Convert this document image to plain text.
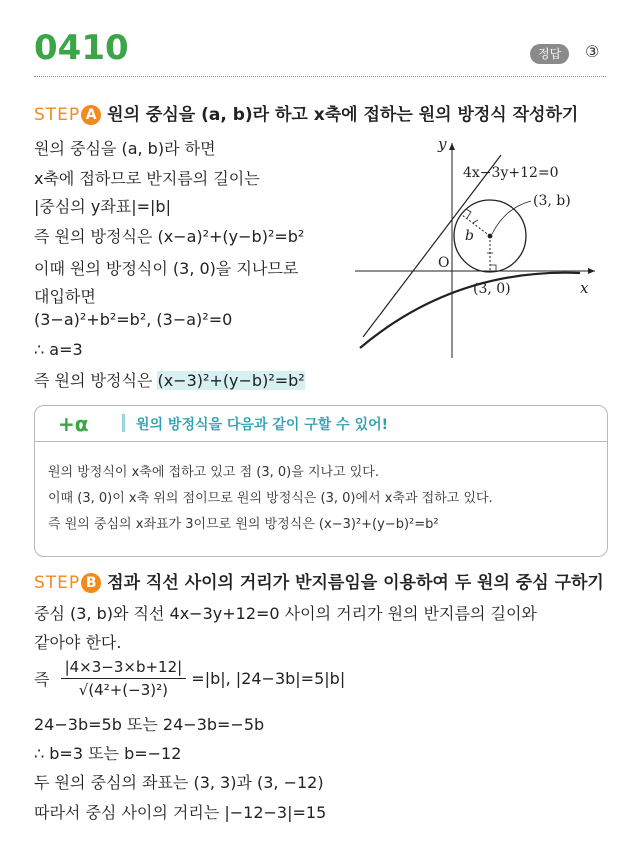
0410	정답	③
STEP A 원의 중심을 (a, b)라 하고 x축에 접하는 원의 방정식 작성하기
원의 중심을 (a, b)라 하면
x축에 접하므로 반지름의 길이는
|중심의 y좌표|=|b|
즉 원의 방정식은 (x−a)²+(y−b)²=b²
이때 원의 방정식이 (3, 0)을 지나므로
대입하면
(3−a)²+b²=b², (3−a)²=0
∴ a=3
즉 원의 방정식은 (x−3)²+(y−b)²=b²
y
x
O
4x−3y+12=0
(3, b)
b
(3, 0)
+α	원의 방정식을 다음과 같이 구할 수 있어!
원의 방정식이 x축에 접하고 있고 점 (3, 0)을 지나고 있다.
이때 (3, 0)이 x축 위의 점이므로 원의 방정식은 (3, 0)에서 x축과 접하고 있다.
즉 원의 중심의 x좌표가 3이므로 원의 방정식은 (x−3)²+(y−b)²=b²
STEP B 점과 직선 사이의 거리가 반지름임을 이용하여 두 원의 중심 구하기
중심 (3, b)와 직선 4x−3y+12=0 사이의 거리가 원의 반지름의 길이와
같아야 한다.
즉 $\frac{|4\times 3-3\times b+12|}{\text{√(4²+(−3)²)}} =|b|$, |24−3b|=5|b|
24−3b=5b 또는 24−3b=−5b
∴ b=3 또는 b=−12
두 원의 중심의 좌표는 (3, 3)과 (3, −12)
따라서 중심 사이의 거리는 |−12−3|=15
